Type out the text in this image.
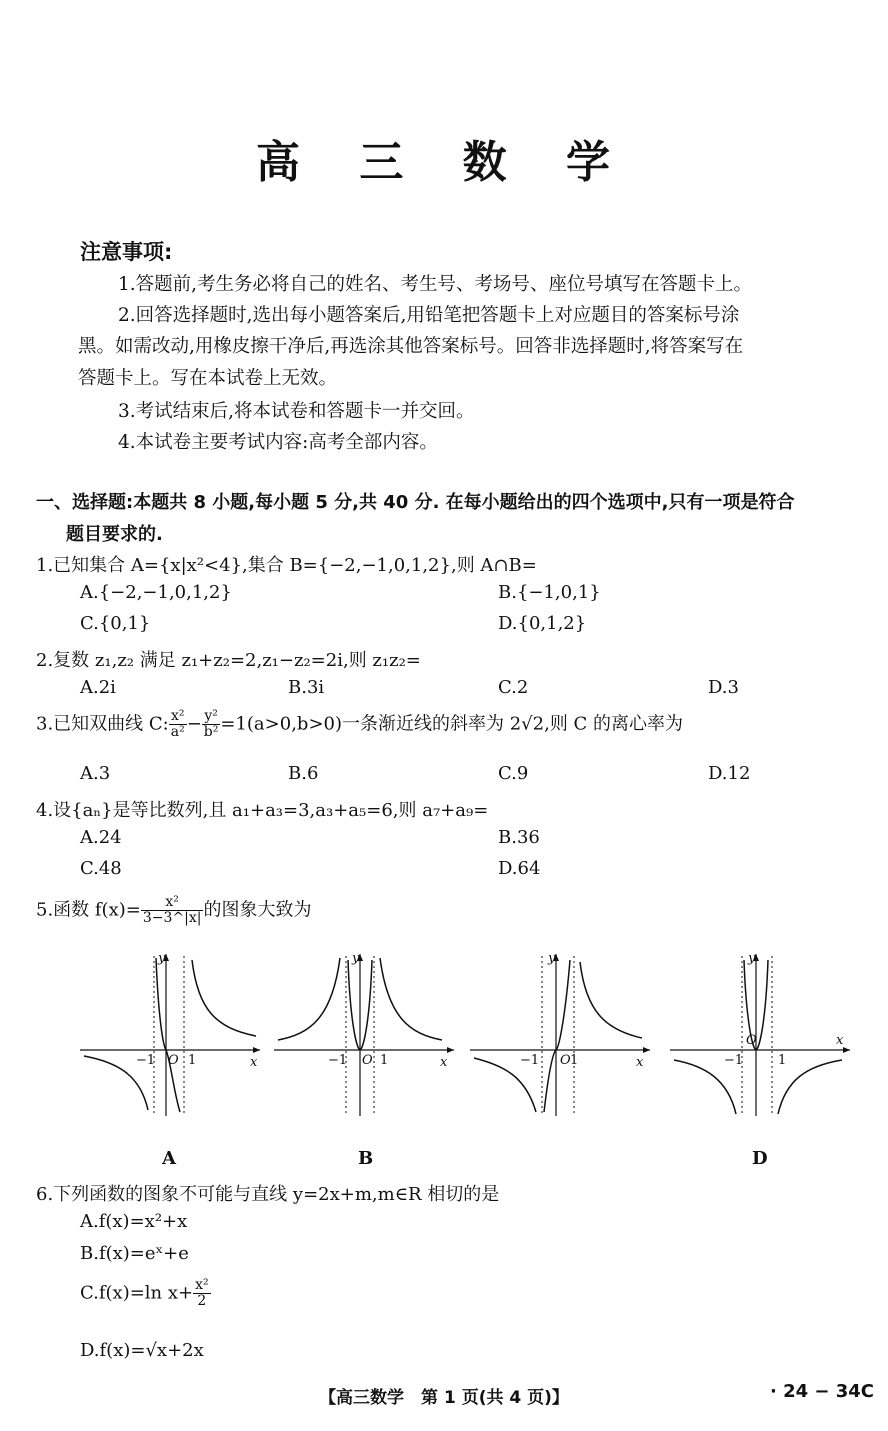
高 三 数 学
注意事项:
1.答题前,考生务必将自己的姓名、考生号、考场号、座位号填写在答题卡上。
2.回答选择题时,选出每小题答案后,用铅笔把答题卡上对应题目的答案标号涂
黑。如需改动,用橡皮擦干净后,再选涂其他答案标号。回答非选择题时,将答案写在
答题卡上。写在本试卷上无效。
3.考试结束后,将本试卷和答题卡一并交回。
4.本试卷主要考试内容:高考全部内容。
一、选择题:本题共 8 小题,每小题 5 分,共 40 分. 在每小题给出的四个选项中,只有一项是符合
题目要求的.
1.已知集合 A={x|x²<4},集合 B={−2,−1,0,1,2},则 A∩B=
A.{−2,−1,0,1,2}	B.{−1,0,1}
C.{0,1}	D.{0,1,2}
2.复数 z₁,z₂ 满足 z₁+z₂=2,z₁−z₂=2i,则 z₁z₂=
A.2i	B.3i	C.2	D.3
3.已知双曲线 C: $\frac{\text{x²}}{\text{a²}} - \frac{\text{y²}}{\text{b²}} =1(a>0,b>0)$一条渐近线的斜率为 2√2,则 C 的离心率为
A.3	B.6	C.9	D.12
4.设{aₙ}是等比数列,且 a₁+a₃=3,a₃+a₅=6,则 a₇+a₉=
A.24	B.36
C.48	D.64
5.函数 $f(x)= \frac{\text{x²}}{3-3\^{}|x|}$ 的图象大致为
y
x
−1 O 1
A
y
x
−1 O 1
B
y
x
−1 O 1
y
x
−1
O
1
D
6.下列函数的图象不可能与直线 y=2x+m,m∈R 相切的是
A.f(x)=x²+x
B.f(x)=eˣ+e
C.f(x)=ln $x+ \frac{\text{x²}}{2}$
D.f(x)=√x+2x
【高三数学　第 1 页(共 4 页)】	· 24 − 34C
